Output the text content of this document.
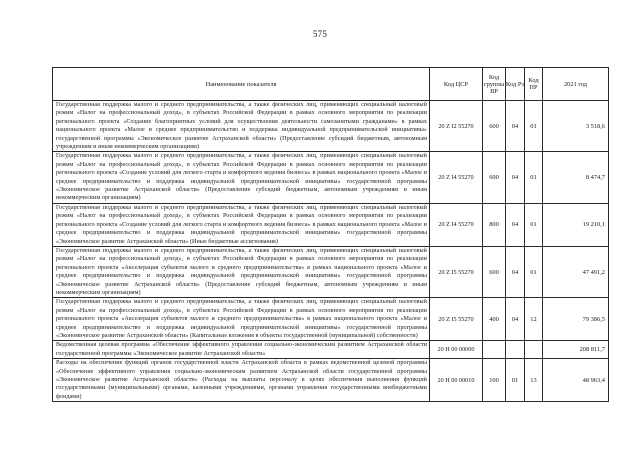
575
Наименование показателя	Код ЦСР	Код группы ВР	Код Рз	Код ПР	2021 год
Государственная поддержка малого и среднего предпринимательства, а также физических лиц, применяющих специальный налоговый режим «Налог на профессиональный доход», в субъектах Российской Федерации в рамках основного мероприятия по реализации регионального проекта «Создание благоприятных условий для осуществления деятельности самозанятыми гражданами» в рамках национального проекта «Малое и среднее предпринимательство и поддержка индивидуальной предпринимательской инициативы» государственной программы «Экономическое развитие Астраханской области» (Предоставление субсидий бюджетным, автономным учреждениям и иным некоммерческим организациям)	20 Z I2 55270	600	04	01	3 518,6
Государственная поддержка малого и среднего предпринимательства, а также физических лиц, применяющих специальный налоговый режим «Налог на профессиональный доход», в субъектах Российской Федерации в рамках основного мероприятия по реализации регионального проекта «Создание условий для легкого старта и комфортного ведения бизнеса» в рамках национального проекта «Малое и среднее предпринимательство и поддержка индивидуальной предпринимательской инициативы» государственной программы «Экономическое развитие Астраханской области» (Предоставление субсидий бюджетным, автономным учреждениям и иным некоммерческим организациям)	20 Z I4 55270	600	04	01	8 474,7
Государственная поддержка малого и среднего предпринимательства, а также физических лиц, применяющих специальный налоговый режим «Налог на профессиональный доход», в субъектах Российской Федерации в рамках основного мероприятия по реализации регионального проекта «Создание условий для легкого старта и комфортного ведения бизнеса» в рамках национального проекта «Малое и среднее предпринимательство и поддержка индивидуальной предпринимательской инициативы» государственной программы «Экономическое развитие Астраханской области» (Иные бюджетные ассигнования)	20 Z I4 55270	800	04	01	19 210,1
Государственная поддержка малого и среднего предпринимательства, а также физических лиц, применяющих специальный налоговый режим «Налог на профессиональный доход», в субъектах Российской Федерации в рамках основного мероприятия по реализации регионального проекта «Акселерация субъектов малого и среднего предпринимательства» в рамках национального проекта «Малое и среднее предпринимательство и поддержка индивидуальной предпринимательской инициативы» государственной программы «Экономическое развитие Астраханской области» (Предоставление субсидий бюджетным, автономным учреждениям и иным некоммерческим организациям)	20 Z I5 55270	600	04	01	47 491,2
Государственная поддержка малого и среднего предпринимательства, а также физических лиц, применяющих специальный налоговый режим «Налог на профессиональный доход», в субъектах Российской Федерации в рамках основного мероприятия по реализации регионального проекта «Акселерация субъектов малого и среднего предпринимательства» в рамках национального проекта «Малое и среднее предпринимательство и поддержка индивидуальной предпринимательской инициативы» государственной программы «Экономическое развитие Астраханской области» (Капитальные вложения в объекты государственной (муниципальной) собственности)	20 Z I5 55270	400	04	12	79 386,5
Ведомственная целевая программа «Обеспечение эффективного управления социально-экономическим развитием Астраханской области государственной программы «Экономическое развитие Астраханской области»	20 Н 00 00000				208 811,7
Расходы на обеспечение функций органов государственной власти Астраханской области в рамках ведомственной целевой программы «Обеспечение эффективного управления социально-экономическим развитием Астраханской области государственной программы «Экономическое развитие Астраханской области» (Расходы на выплаты персоналу в целях обеспечения выполнения функций государственными (муниципальными) органами, казенными учреждениями, органами управления государственными внебюджетными фондами)	20 Н 00 00010	100	01	13	48 963,4
